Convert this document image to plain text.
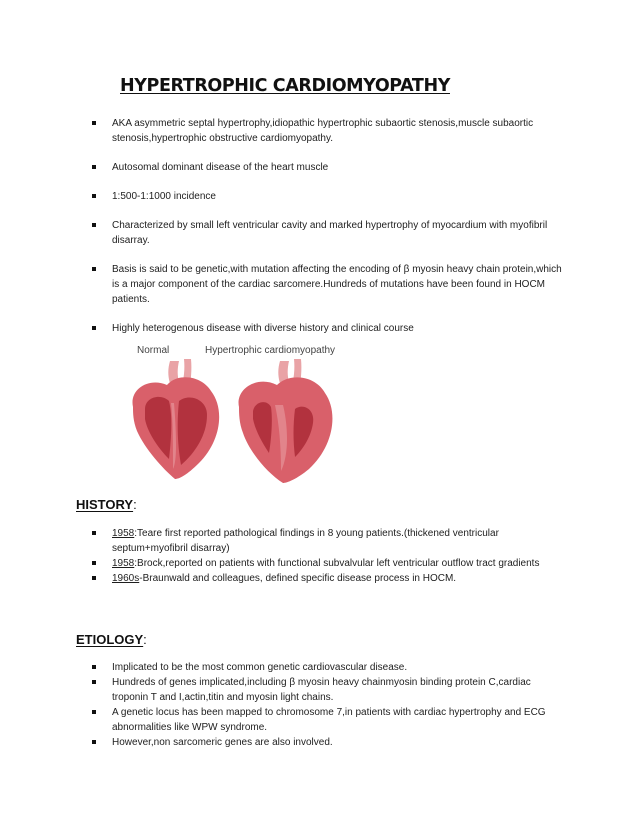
HYPERTROPHIC CARDIOMYOPATHY
AKA asymmetric septal hypertrophy,idiopathic hypertrophic subaortic stenosis,muscle subaortic stenosis,hypertrophic obstructive cardiomyopathy.
Autosomal dominant disease of the heart muscle
1:500-1:1000 incidence
Characterized by small left ventricular cavity and marked hypertrophy of myocardium with myofibril disarray.
Basis is said to be genetic,with mutation affecting the encoding of β myosin heavy chain protein,which is a major component of the cardiac sarcomere.Hundreds of mutations have been found in HOCM patients.
Highly heterogenous disease with diverse history and clinical course
Normal	Hypertrophic cardiomyopathy
HISTORY:
1958:Teare first reported pathological findings in 8 young patients.(thickened ventricular septum+myofibril disarray)
1958:Brock,reported on patients with functional subvalvular left ventricular outflow tract gradients
1960s-Braunwald and colleagues, defined specific disease process in HOCM.
ETIOLOGY:
Implicated to be the most common genetic cardiovascular disease.
Hundreds of genes implicated,including β myosin heavy chainmyosin binding protein C,cardiac troponin T and I,actin,titin and myosin light chains.
A genetic locus has been mapped to chromosome 7,in patients with cardiac hypertrophy and ECG abnormalities like WPW syndrome.
However,non sarcomeric genes are also involved.
